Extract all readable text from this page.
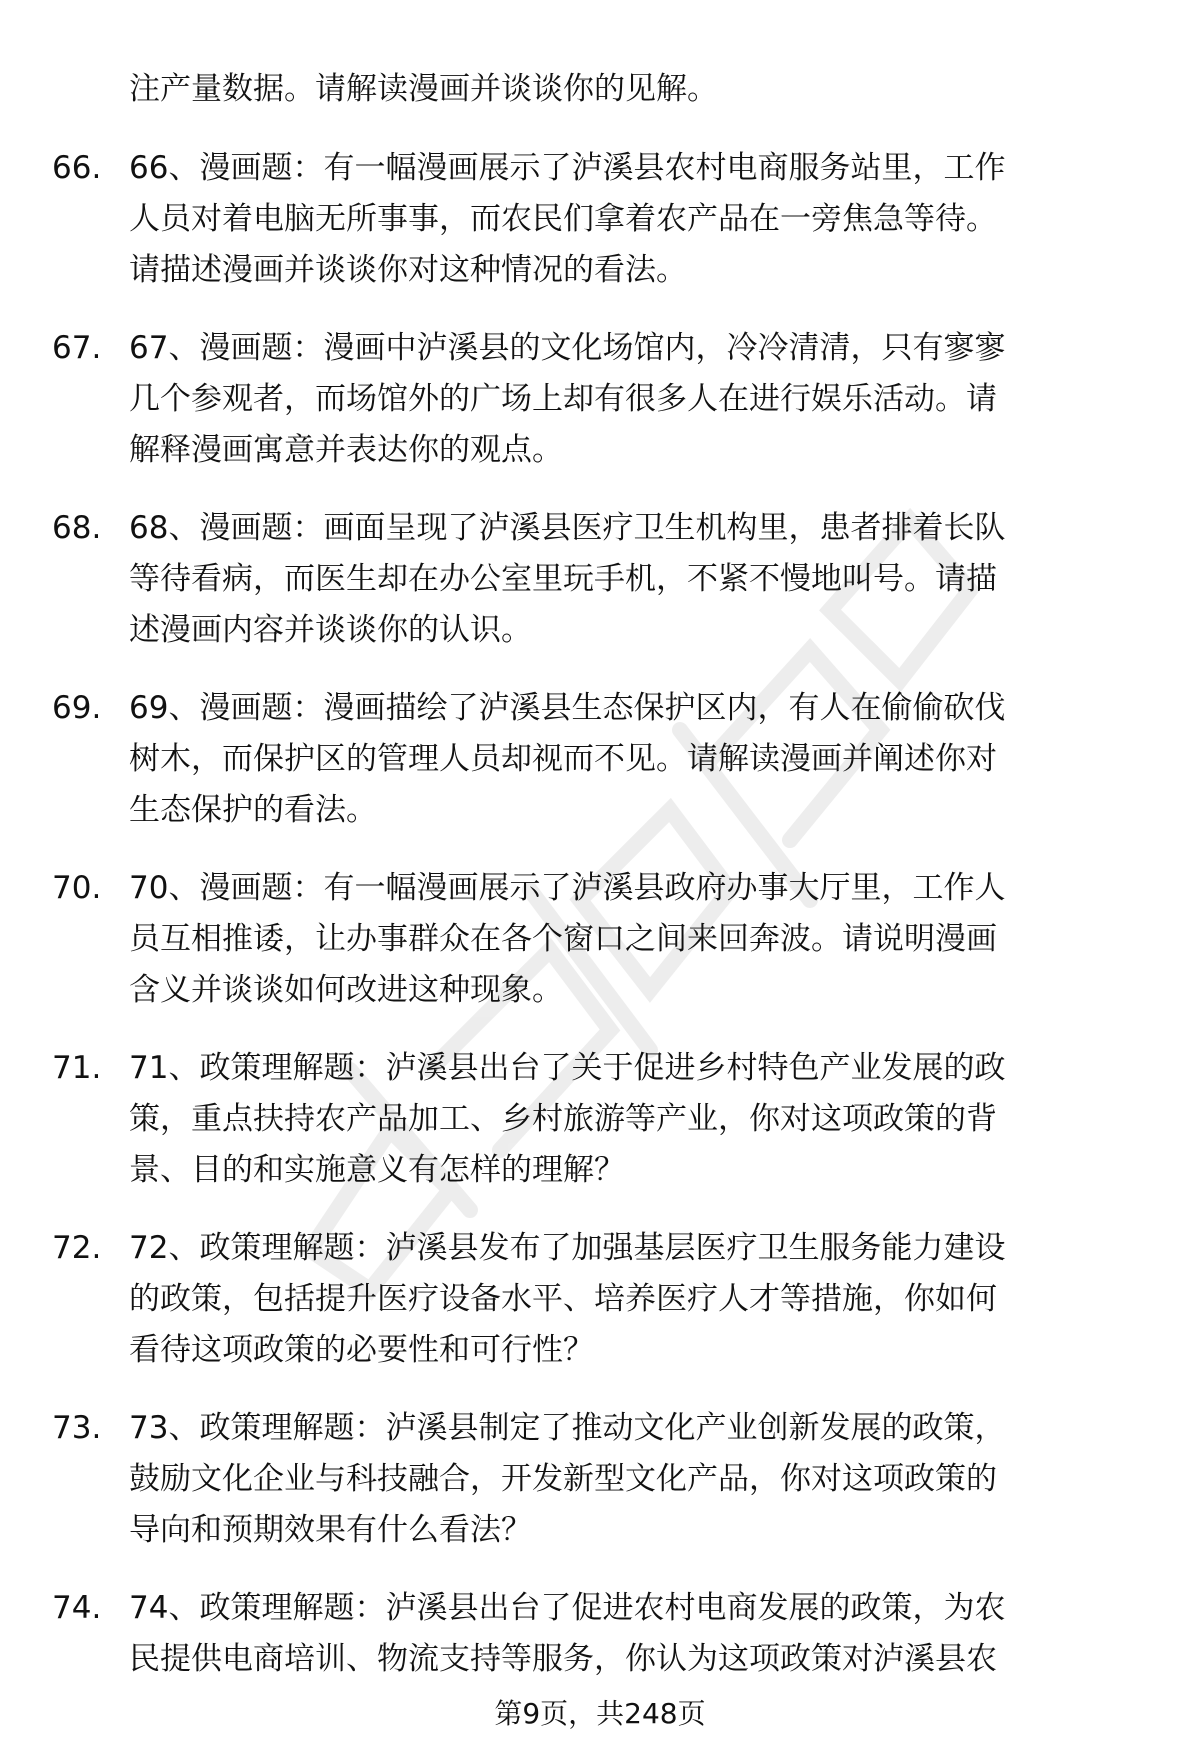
注产量数据。请解读漫画并谈谈你的见解。

66. 66、漫画题：有一幅漫画展示了泸溪县农村电商服务站里，工作
人员对着电脑无所事事，而农民们拿着农产品在一旁焦急等待。
请描述漫画并谈谈你对这种情况的看法。
67. 67、漫画题：漫画中泸溪县的文化场馆内，冷冷清清，只有寥寥
几个参观者，而场馆外的广场上却有很多人在进行娱乐活动。请
解释漫画寓意并表达你的观点。
68. 68、漫画题：画面呈现了泸溪县医疗卫生机构里，患者排着长队
等待看病，而医生却在办公室里玩手机，不紧不慢地叫号。请描
述漫画内容并谈谈你的认识。
69. 69、漫画题：漫画描绘了泸溪县生态保护区内，有人在偷偷砍伐
树木，而保护区的管理人员却视而不见。请解读漫画并阐述你对
生态保护的看法。
70. 70、漫画题：有一幅漫画展示了泸溪县政府办事大厅里，工作人
员互相推诿，让办事群众在各个窗口之间来回奔波。请说明漫画
含义并谈谈如何改进这种现象。
71. 71、政策理解题：泸溪县出台了关于促进乡村特色产业发展的政
策，重点扶持农产品加工、乡村旅游等产业，你对这项政策的背
景、目的和实施意义有怎样的理解？
72. 72、政策理解题：泸溪县发布了加强基层医疗卫生服务能力建设
的政策，包括提升医疗设备水平、培养医疗人才等措施，你如何
看待这项政策的必要性和可行性？
73. 73、政策理解题：泸溪县制定了推动文化产业创新发展的政策，
鼓励文化企业与科技融合，开发新型文化产品，你对这项政策的
导向和预期效果有什么看法？
74. 74、政策理解题：泸溪县出台了促进农村电商发展的政策，为农
民提供电商培训、物流支持等服务，你认为这项政策对泸溪县农
第9页，共248页
